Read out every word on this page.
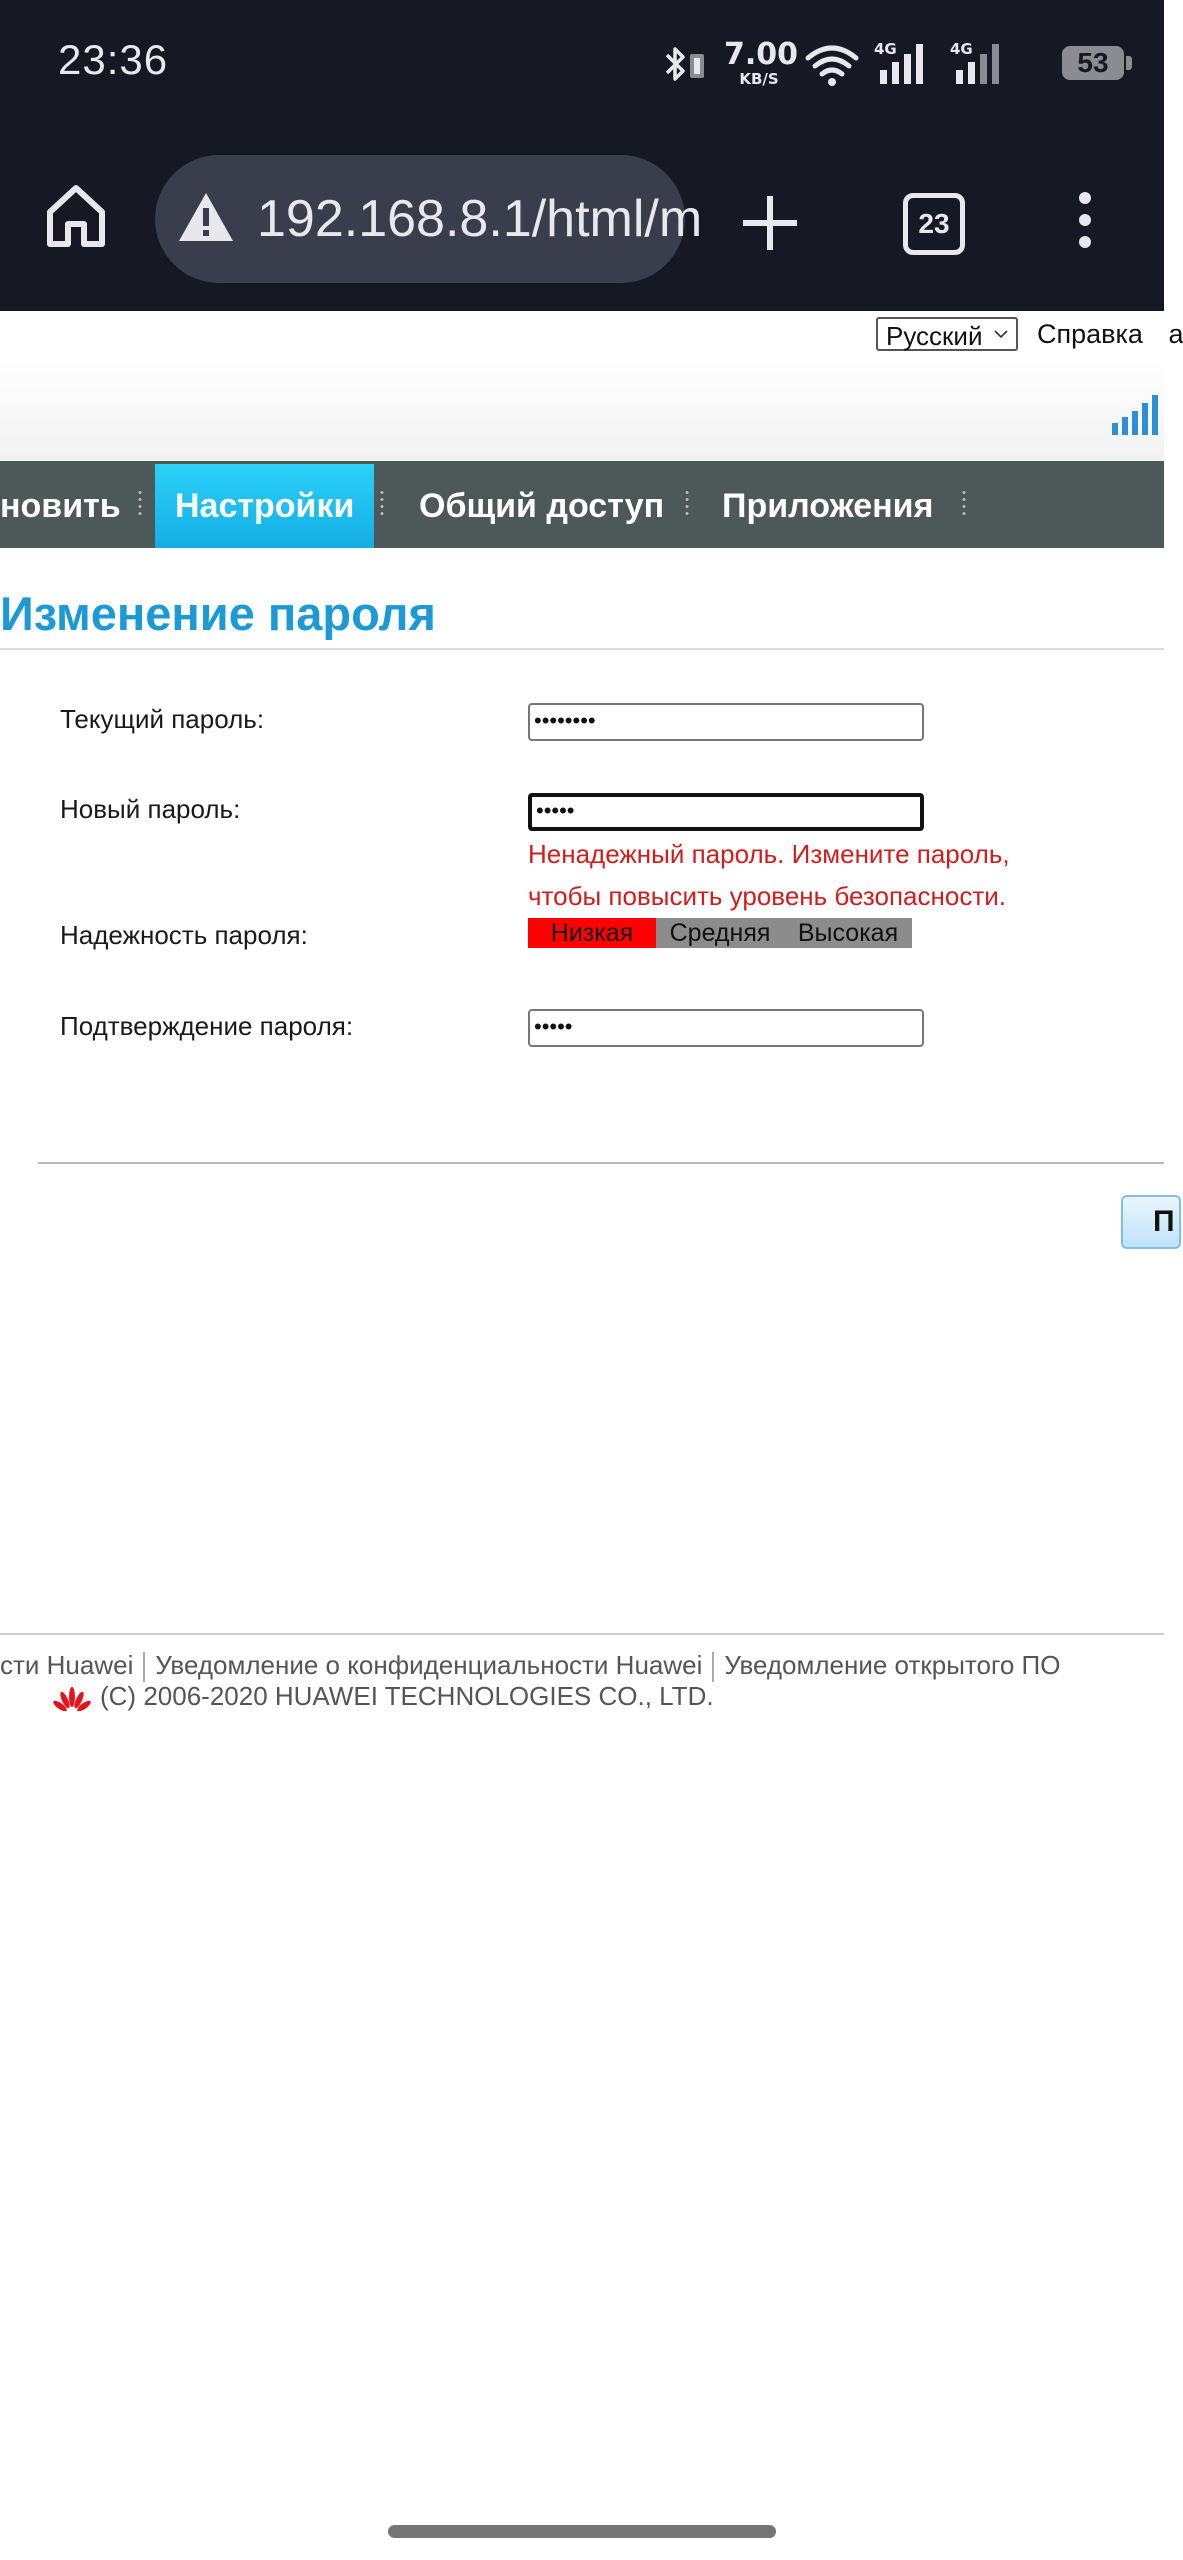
23:36	7.00
KB/S
4G	4G	53
192.168.8.1/html/m	23
Русский	Справка а
новить	Настройки	Общий доступ Приложения
Изменение пароля
Текущий пароль:	••••••••
Новый пароль:	•••••
Ненадежный пароль. Измените пароль,
чтобы повысить уровень безопасности.
Надежность пароля:	Низкая	Средняя	Высокая
Подтверждение пароля:	•••••
П
сти Huawei Уведомление о конфиденциальности Huawei Уведомление открытого ПО
(C) 2006-2020 HUAWEI TECHNOLOGIES CO., LTD.
